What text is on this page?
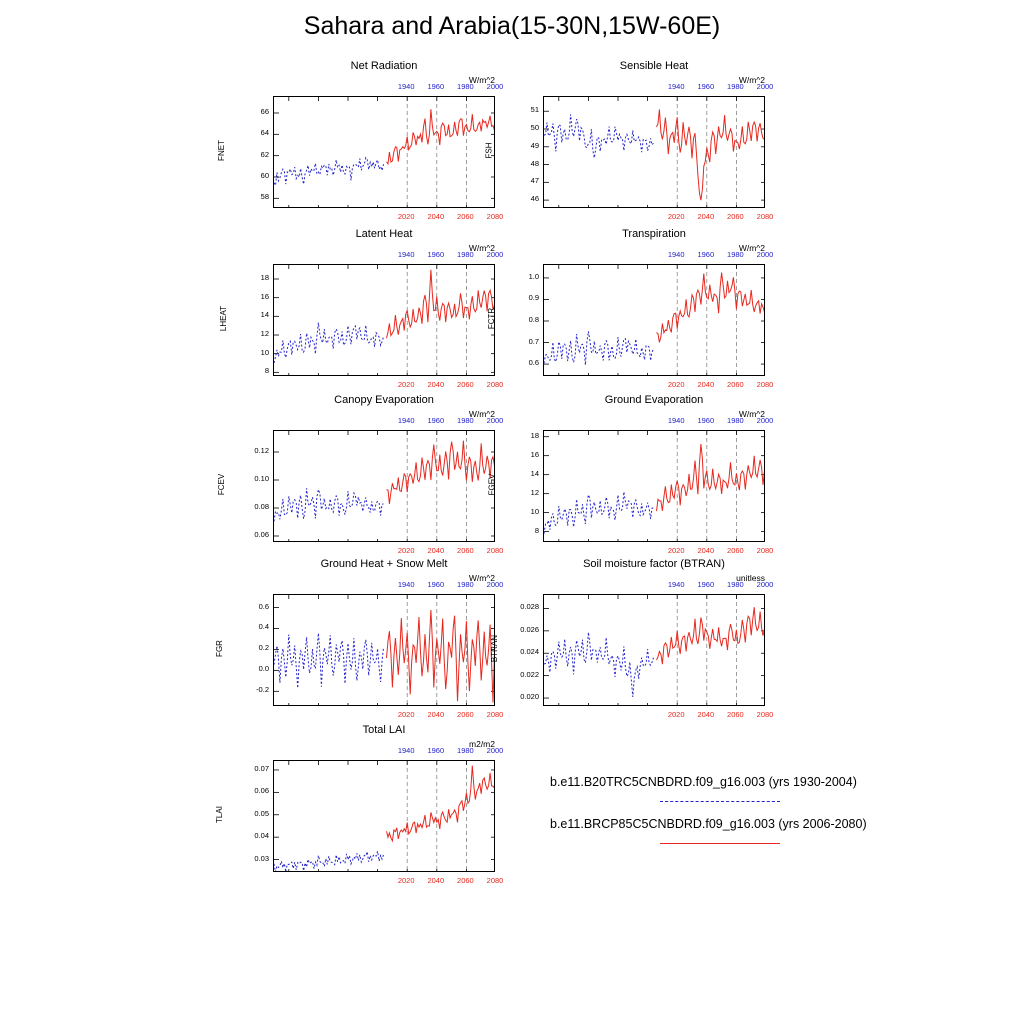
Sahara and Arabia(15-30N,15W-60E)
Net Radiation
W/m^2
FNET
58
60
62
64
66
2020	2040	2060	2080
1940	1960	1980	2000
Sensible Heat
W/m^2
FSH
46
47
48
49
50
51
2020	2040	2060	2080
1940	1960	1980	2000
Latent Heat
W/m^2
LHEAT
8
10
12
14
16
18
2020	2040	2060	2080
1940	1960	1980	2000
Transpiration
W/m^2
FCTR
0.6
0.7
0.8
0.9
1.0
2020	2040	2060	2080
1940	1960	1980	2000
Canopy Evaporation
W/m^2
FCEV
0.06
0.08
0.10
0.12
2020	2040	2060	2080
1940	1960	1980	2000
Ground Evaporation
W/m^2
FGEV
8
10
12
14
16
18
2020	2040	2060	2080
1940	1960	1980	2000
Ground Heat + Snow Melt
W/m^2
FGR
-0.2
0.0
0.2
0.4
0.6
2020	2040	2060	2080
1940	1960	1980	2000
Soil moisture factor (BTRAN)
unitless
BTRAN
0.020
0.022
0.024
0.026
0.028
2020	2040	2060	2080
1940	1960	1980	2000
Total LAI
m2/m2
TLAI
0.03
0.04
0.05
0.06
0.07
2020	2040	2060	2080
1940	1960	1980	2000
b.e11.B20TRC5CNBDRD.f09_g16.003 (yrs 1930-2004)
b.e11.BRCP85C5CNBDRD.f09_g16.003 (yrs 2006-2080)
